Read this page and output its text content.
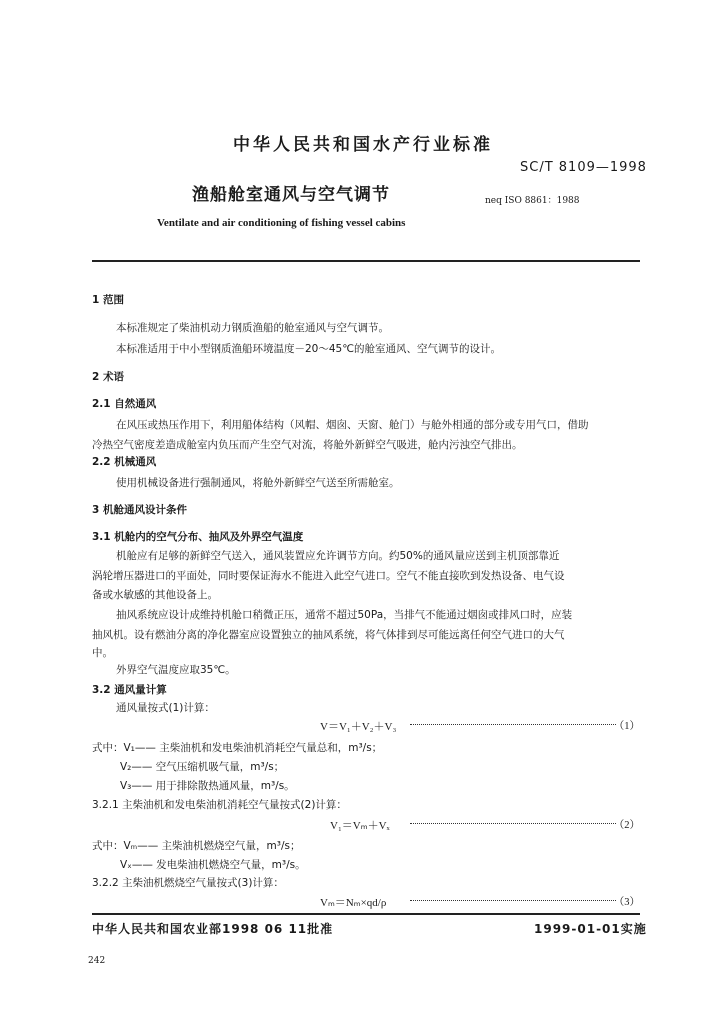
中华人民共和国水产行业标准
SC/T 8109—1998
渔船舱室通风与空气调节	neq ISO 8861：1988
Ventilate and air conditioning of fishing vessel cabins
1 范围
本标准规定了柴油机动力钢质渔船的舱室通风与空气调节。
本标准适用于中小型钢质渔船环境温度－20～45℃的舱室通风、空气调节的设计。
2 术语
2.1 自然通风
在风压或热压作用下，利用船体结构（风帽、烟囱、天窗、舱门）与舱外相通的部分或专用气口，借助
冷热空气密度差造成舱室内负压而产生空气对流，将舱外新鲜空气吸进，舱内污浊空气排出。
2.2 机械通风
使用机械设备进行强制通风，将舱外新鲜空气送至所需舱室。
3 机舱通风设计条件
3.1 机舱内的空气分布、抽风及外界空气温度
机舱应有足够的新鲜空气送入，通风装置应允许调节方向。约50%的通风量应送到主机顶部靠近
涡轮增压器进口的平面处，同时要保证海水不能进入此空气进口。空气不能直接吹到发热设备、电气设
备或水敏感的其他设备上。
抽风系统应设计成维持机舱口稍微正压，通常不超过50Pa，当排气不能通过烟囱或排风口时，应装
抽风机。设有燃油分离的净化器室应设置独立的抽风系统，将气体排到尽可能远离任何空气进口的大气
中。
外界空气温度应取35℃。
3.2 通风量计算
通风量按式(1)计算：
V＝V₁＋V₂＋V₃	（1）
式中：V₁—— 主柴油机和发电柴油机消耗空气量总和，m³/s；
V₂—— 空气压缩机吸气量，m³/s；
V₃—— 用于排除散热通风量，m³/s。
3.2.1 主柴油机和发电柴油机消耗空气量按式(2)计算：
V₁＝Vₘ＋Vₓ	（2）
式中：Vₘ—— 主柴油机燃烧空气量，m³/s；
Vₓ—— 发电柴油机燃烧空气量，m³/s。
3.2.2 主柴油机燃烧空气量按式(3)计算：
Vₘ＝Nₘ×qd/ρ	（3）
中华人民共和国农业部1998 06 11批准	1999-01-01实施
242
